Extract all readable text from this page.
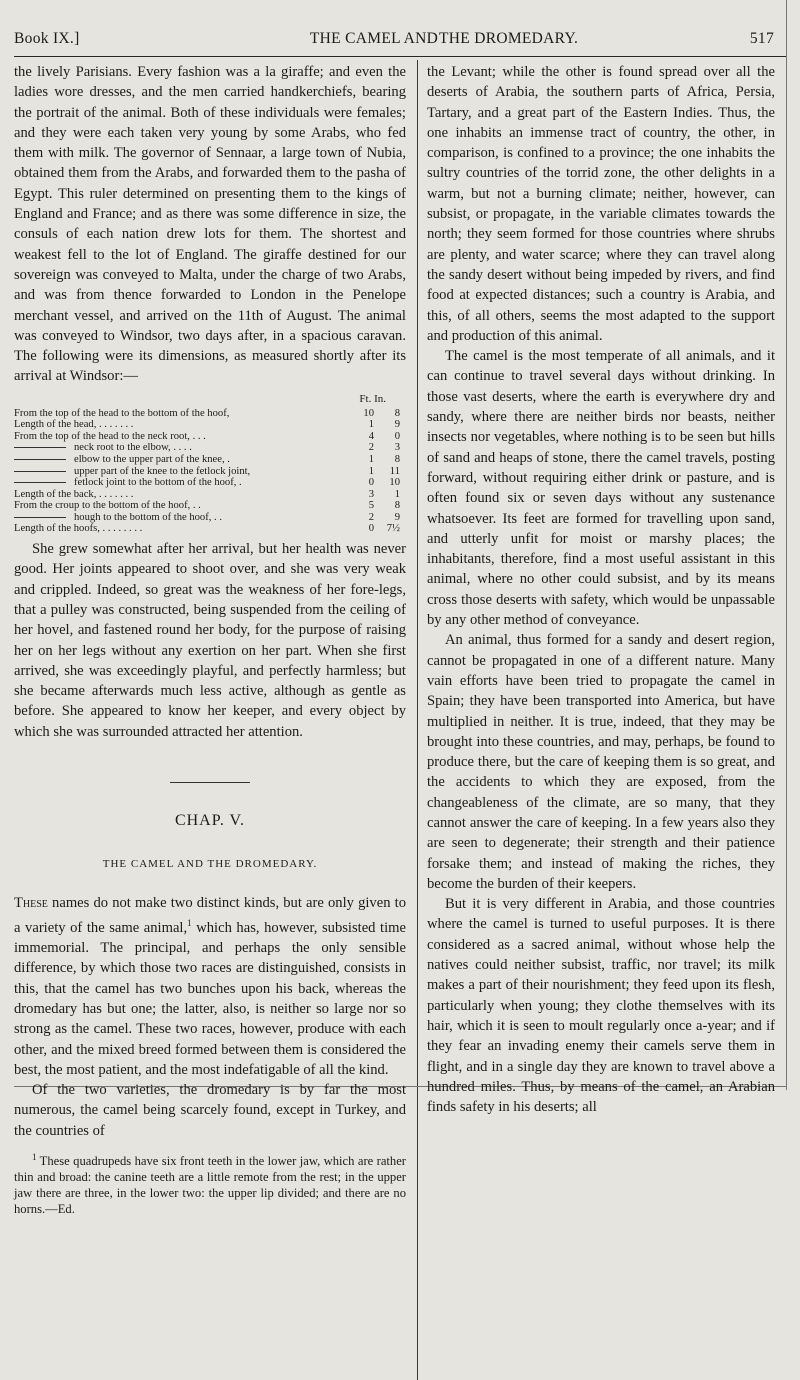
Book IX.]	THE CAMEL AND THE DROMEDARY.	517

the lively Parisians. Every fashion was a la giraffe; and even the ladies wore dresses, and the men carried handkerchiefs, bearing the portrait of the animal. Both of these individuals were females; and they were each taken very young by some Arabs, who fed them with milk. The governor of Sennaar, a large town of Nubia, obtained them from the Arabs, and forwarded them to the pasha of Egypt. This ruler determined on presenting them to the kings of England and France; and as there was some difference in size, the consuls of each nation drew lots for them. The shortest and weakest fell to the lot of England. The giraffe destined for our sovereign was conveyed to Malta, under the charge of two Arabs, and was from thence forwarded to London in the Penelope merchant vessel, and arrived on the 11th of August. The animal was conveyed to Windsor, two days after, in a spacious caravan. The following were its dimensions, as measured shortly after its arrival at Windsor:—

Ft. In.
From the top of the head to the bottom of the hoof,	10	8
Length of the head, . . . . . . .	1	9
From the top of the head to the neck root, . . .	4	0
neck root to the elbow, . . . .	2	3
elbow to the upper part of the knee, .	1	8
upper part of the knee to the fetlock joint,	1	11
fetlock joint to the bottom of the hoof, .	0	10
Length of the back, . . . . . . .	3	1
From the croup to the bottom of the hoof, . .	5	8
hough to the bottom of the hoof, . .	2	9
Length of the hoofs, . . . . . . . .	0	7½

She grew somewhat after her arrival, but her health was never good. Her joints appeared to shoot over, and she was very weak and crippled. Indeed, so great was the weakness of her fore-legs, that a pulley was constructed, being suspended from the ceiling of her hovel, and fastened round her body, for the purpose of raising her on her legs without any exertion on her part. When she first arrived, she was exceedingly playful, and perfectly harmless; but she became afterwards much less active, although as gentle as before. She appeared to know her keeper, and every object by which she was surrounded attracted her attention.

CHAP. V.
THE CAMEL AND THE DROMEDARY.

These names do not make two distinct kinds, but are only given to a variety of the same animal,$^1$ which has, however, subsisted time immemorial. The principal, and perhaps the only sensible difference, by which those two races are distinguished, consists in this, that the camel has two bunches upon his back, whereas the dromedary has but one; the latter, also, is neither so large nor so strong as the camel. These two races, however, produce with each other, and the mixed breed formed between them is considered the best, the most patient, and the most indefatigable of all the kind.

Of the two varieties, the dromedary is by far the most numerous, the camel being scarcely found, except in Turkey, and the countries of

$^1$ These quadrupeds have six front teeth in the lower jaw, which are rather thin and broad: the canine teeth are a little remote from the rest; in the upper jaw there are three, in the lower two: the upper lip divided; and there are no horns.—Ed.

the Levant; while the other is found spread over all the deserts of Arabia, the southern parts of Africa, Persia, Tartary, and a great part of the Eastern Indies. Thus, the one inhabits an immense tract of country, the other, in comparison, is confined to a province; the one inhabits the sultry countries of the torrid zone, the other delights in a warm, but not a burning climate; neither, however, can subsist, or propagate, in the variable climates towards the north; they seem formed for those countries where shrubs are plenty, and water scarce; where they can travel along the sandy desert without being impeded by rivers, and find food at expected distances; such a country is Arabia, and this, of all others, seems the most adapted to the support and production of this animal.

The camel is the most temperate of all animals, and it can continue to travel several days without drinking. In those vast deserts, where the earth is everywhere dry and sandy, where there are neither birds nor beasts, neither insects nor vegetables, where nothing is to be seen but hills of sand and heaps of stone, there the camel travels, posting forward, without requiring either drink or pasture, and is often found six or seven days without any sustenance whatsoever. Its feet are formed for travelling upon sand, and utterly unfit for moist or marshy places; the inhabitants, therefore, find a most useful assistant in this animal, where no other could subsist, and by its means cross those deserts with safety, which would be unpassable by any other method of conveyance.

An animal, thus formed for a sandy and desert region, cannot be propagated in one of a different nature. Many vain efforts have been tried to propagate the camel in Spain; they have been transported into America, but have multiplied in neither. It is true, indeed, that they may be brought into these countries, and may, perhaps, be found to produce there, but the care of keeping them is so great, and the accidents to which they are exposed, from the changeableness of the climate, are so many, that they cannot answer the care of keeping. In a few years also they are seen to degenerate; their strength and their patience forsake them; and instead of making the riches, they become the burden of their keepers.

But it is very different in Arabia, and those countries where the camel is turned to useful purposes. It is there considered as a sacred animal, without whose help the natives could neither subsist, traffic, nor travel; its milk makes a part of their nourishment; they feed upon its flesh, particularly when young; they clothe themselves with its hair, which it is seen to moult regularly once a-year; and if they fear an invading enemy their camels serve them in flight, and in a single day they are known to travel above a hundred miles. Thus, by means of the camel, an Arabian finds safety in his deserts; all
